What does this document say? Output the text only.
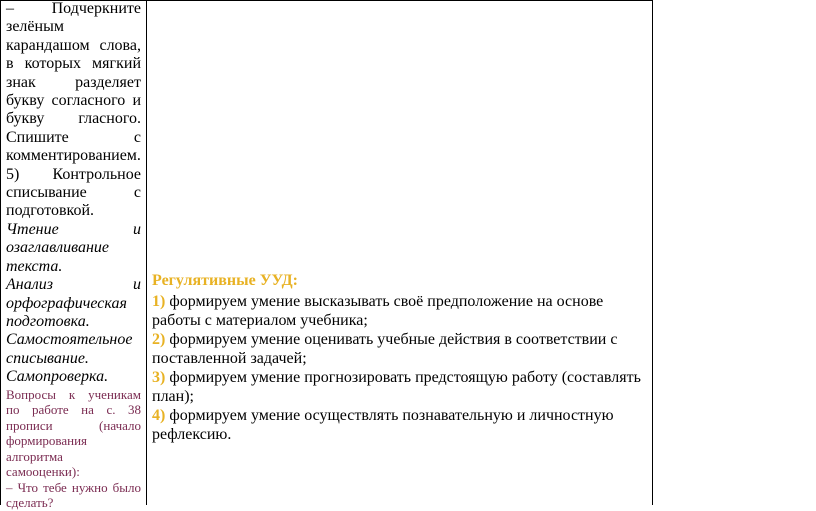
– Подчеркните

зелёным

карандашом слова,

в которых мягкий

знак разделяет

букву согласного и

букву гласного.

Спишите с

комментированием.

5) Контрольное

списывание с

подготовкой.

Чтение и

озаглавливание

текста.

Анализ и

орфографическая

подготовка.

Самостоятельное

списывание.

Самопроверка.

Вопросы к ученикам

по работе на с. 38

прописи (начало

формирования

алгоритма

самооценки):

– Что тебе нужно было

сделать?

Регулятивные УУД:

1) формируем умение высказывать своё предположение на основе работы с материалом учебника;

2) формируем умение оценивать учебные действия в соответствии с поставленной задачей;

3) формируем умение прогнозировать предстоящую работу (составлять план);

4) формируем умение осуществлять познавательную и личностную рефлексию.
